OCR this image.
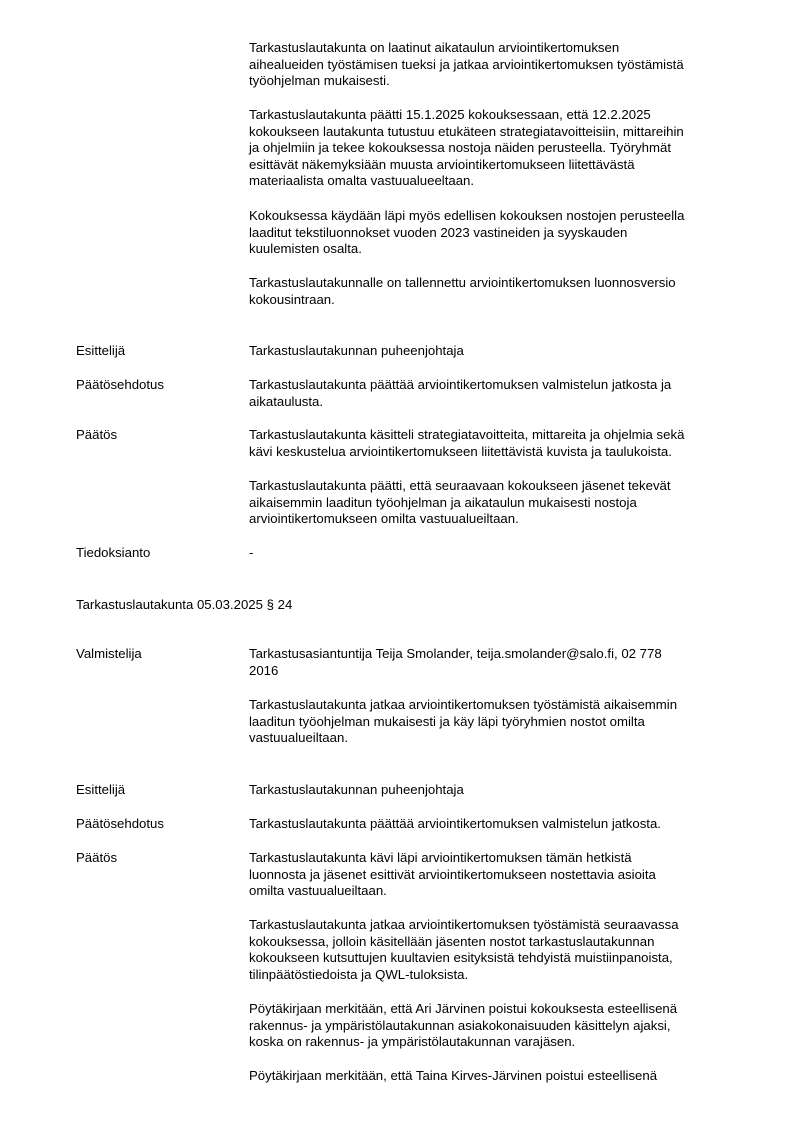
Tarkastuslautakunta on laatinut aikataulun arviointikertomuksen
aihealueiden työstämisen tueksi ja jatkaa arviointikertomuksen työstämistä
työohjelman mukaisesti.

Tarkastuslautakunta päätti 15.1.2025 kokouksessaan, että 12.2.2025
kokoukseen lautakunta tutustuu etukäteen strategiatavoitteisiin, mittareihin
ja ohjelmiin ja tekee kokouksessa nostoja näiden perusteella. Työryhmät
esittävät näkemyksiään muusta arviointikertomukseen liitettävästä
materiaalista omalta vastuualueeltaan.

Kokouksessa käydään läpi myös edellisen kokouksen nostojen perusteella
laaditut tekstiluonnokset vuoden 2023 vastineiden ja syyskauden
kuulemisten osalta.

Tarkastuslautakunnalle on tallennettu arviointikertomuksen luonnosversio
kokousintraan.

Esittelijä	Tarkastuslautakunnan puheenjohtaja

Päätösehdotus	Tarkastuslautakunta päättää arviointikertomuksen valmistelun jatkosta ja
aikataulusta.

Päätös	Tarkastuslautakunta käsitteli strategiatavoitteita, mittareita ja ohjelmia sekä
kävi keskustelua arviointikertomukseen liitettävistä kuvista ja taulukoista.

Tarkastuslautakunta päätti, että seuraavaan kokoukseen jäsenet tekevät
aikaisemmin laaditun työohjelman ja aikataulun mukaisesti nostoja
arviointikertomukseen omilta vastuualueiltaan.

Tiedoksianto	-

Tarkastuslautakunta 05.03.2025 § 24

Valmistelija	Tarkastusasiantuntija Teija Smolander, teija.smolander@salo.fi, 02 778
2016

Tarkastuslautakunta jatkaa arviointikertomuksen työstämistä aikaisemmin
laaditun työohjelman mukaisesti ja käy läpi työryhmien nostot omilta
vastuualueiltaan.

Esittelijä	Tarkastuslautakunnan puheenjohtaja

Päätösehdotus	Tarkastuslautakunta päättää arviointikertomuksen valmistelun jatkosta.

Päätös	Tarkastuslautakunta kävi läpi arviointikertomuksen tämän hetkistä
luonnosta ja jäsenet esittivät arviointikertomukseen nostettavia asioita
omilta vastuualueiltaan.

Tarkastuslautakunta jatkaa arviointikertomuksen työstämistä seuraavassa
kokouksessa, jolloin käsitellään jäsenten nostot tarkastuslautakunnan
kokoukseen kutsuttujen kuultavien esityksistä tehdyistä muistiinpanoista,
tilinpäätöstiedoista ja QWL-tuloksista.

Pöytäkirjaan merkitään, että Ari Järvinen poistui kokouksesta esteellisenä
rakennus- ja ympäristölautakunnan asiakokonaisuuden käsittelyn ajaksi,
koska on rakennus- ja ympäristölautakunnan varajäsen.

Pöytäkirjaan merkitään, että Taina Kirves-Järvinen poistui esteellisenä
